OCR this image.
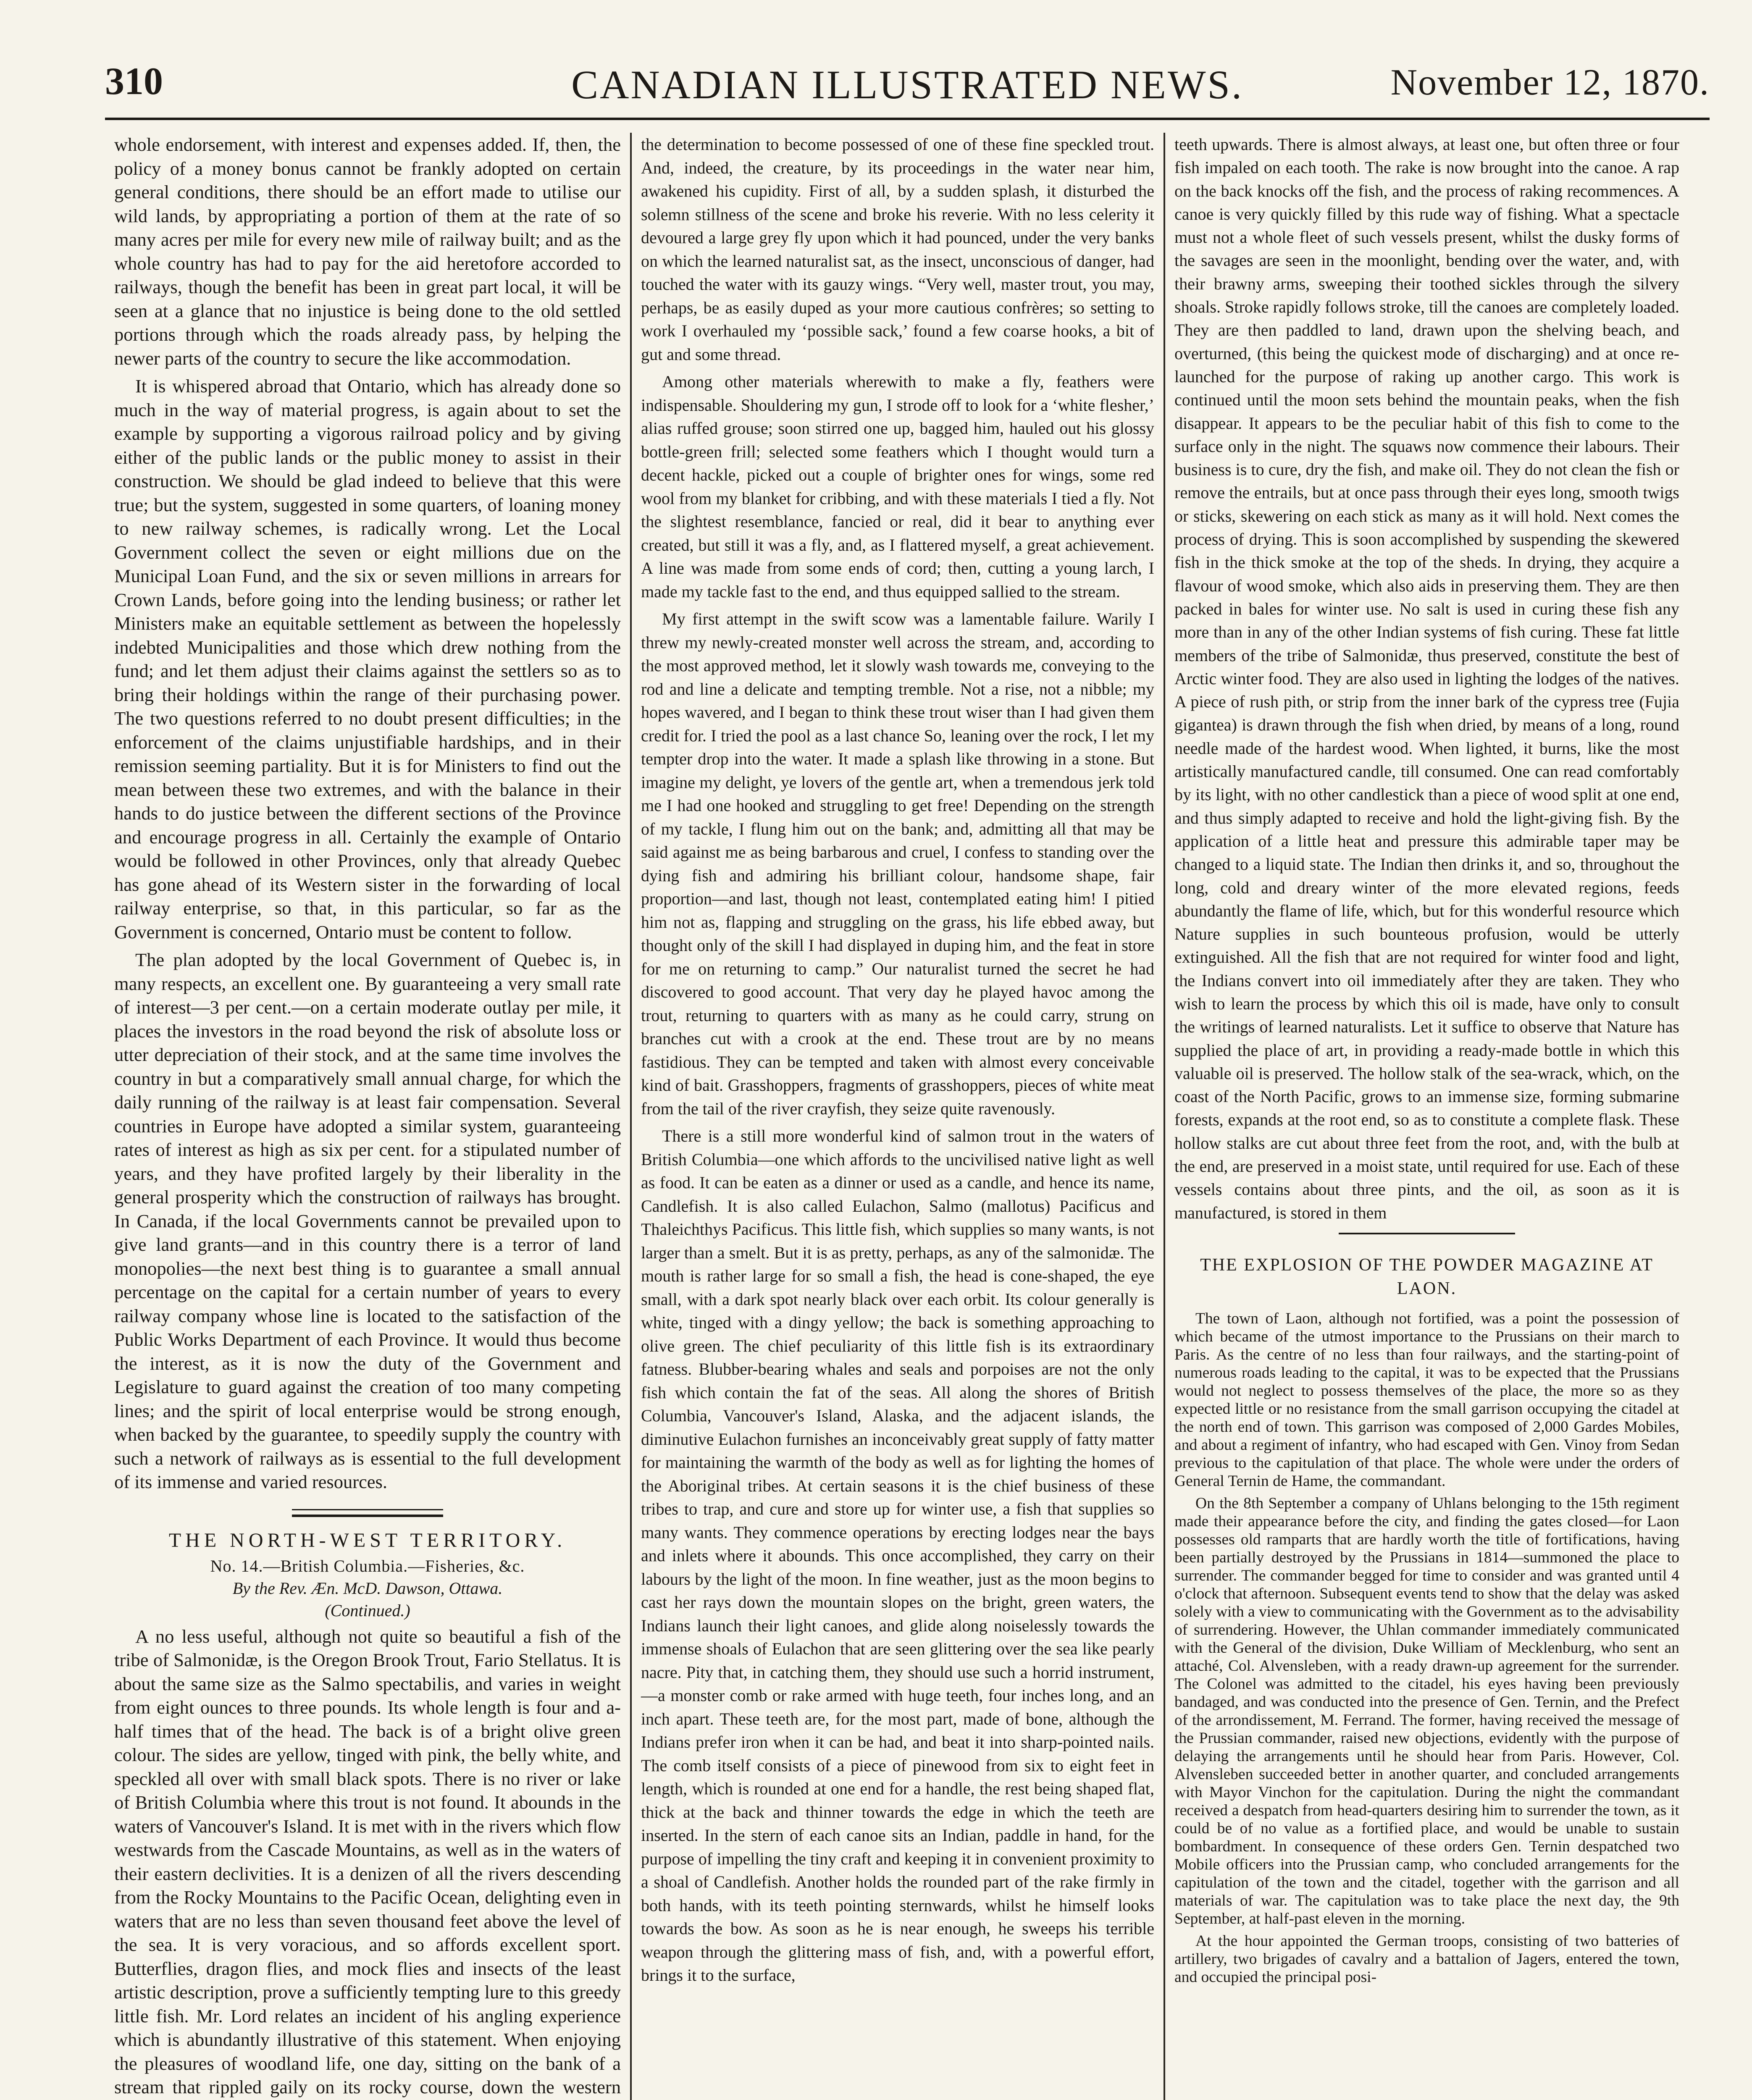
310	CANADIAN ILLUSTRATED NEWS.	November 12, 1870.

whole endorsement, with interest and expenses added. If, then, the policy of a money bonus cannot be frankly adopted on certain general conditions, there should be an effort made to utilise our wild lands, by appropriating a portion of them at the rate of so many acres per mile for every new mile of railway built; and as the whole country has had to pay for the aid heretofore accorded to railways, though the benefit has been in great part local, it will be seen at a glance that no injustice is being done to the old settled portions through which the roads already pass, by helping the newer parts of the country to secure the like accommodation.

It is whispered abroad that Ontario, which has already done so much in the way of material progress, is again about to set the example by supporting a vigorous railroad policy and by giving either of the public lands or the public money to assist in their construction. We should be glad indeed to believe that this were true; but the system, suggested in some quarters, of loaning money to new railway schemes, is radically wrong. Let the Local Government collect the seven or eight millions due on the Municipal Loan Fund, and the six or seven millions in arrears for Crown Lands, before going into the lending business; or rather let Ministers make an equitable settlement as between the hopelessly indebted Municipalities and those which drew nothing from the fund; and let them adjust their claims against the settlers so as to bring their holdings within the range of their purchasing power. The two questions referred to no doubt present difficulties; in the enforcement of the claims unjustifiable hardships, and in their remission seeming partiality. But it is for Ministers to find out the mean between these two extremes, and with the balance in their hands to do justice between the different sections of the Province and encourage progress in all. Certainly the example of Ontario would be followed in other Provinces, only that already Quebec has gone ahead of its Western sister in the forwarding of local railway enterprise, so that, in this particular, so far as the Government is concerned, Ontario must be content to follow.

The plan adopted by the local Government of Quebec is, in many respects, an excellent one. By guaranteeing a very small rate of interest—3 per cent.—on a certain moderate outlay per mile, it places the investors in the road beyond the risk of absolute loss or utter depreciation of their stock, and at the same time involves the country in but a comparatively small annual charge, for which the daily running of the railway is at least fair compensation. Several countries in Europe have adopted a similar system, guaranteeing rates of interest as high as six per cent. for a stipulated number of years, and they have profited largely by their liberality in the general prosperity which the construction of railways has brought. In Canada, if the local Governments cannot be prevailed upon to give land grants—and in this country there is a terror of land monopolies—the next best thing is to guarantee a small annual percentage on the capital for a certain number of years to every railway company whose line is located to the satisfaction of the Public Works Department of each Province. It would thus become the interest, as it is now the duty of the Government and Legislature to guard against the creation of too many competing lines; and the spirit of local enterprise would be strong enough, when backed by the guarantee, to speedily supply the country with such a network of railways as is essential to the full development of its immense and varied resources.

THE NORTH-WEST TERRITORY.
No. 14.—British Columbia.—Fisheries, &c.
By the Rev. Æn. McD. Dawson, Ottawa.
(Continued.)

A no less useful, although not quite so beautiful a fish of the tribe of Salmonidæ, is the Oregon Brook Trout, Fario Stellatus. It is about the same size as the Salmo spectabilis, and varies in weight from eight ounces to three pounds. Its whole length is four and a-half times that of the head. The back is of a bright olive green colour. The sides are yellow, tinged with pink, the belly white, and speckled all over with small black spots. There is no river or lake of British Columbia where this trout is not found. It abounds in the waters of Vancouver's Island. It is met with in the rivers which flow westwards from the Cascade Mountains, as well as in the waters of their eastern declivities. It is a denizen of all the rivers descending from the Rocky Mountains to the Pacific Ocean, delighting even in waters that are no less than seven thousand feet above the level of the sea. It is very voracious, and so affords excellent sport. Butterflies, dragon flies, and mock flies and insects of the least artistic description, prove a sufficiently tempting lure to this greedy little fish. Mr. Lord relates an incident of his angling experience which is abundantly illustrative of this statement. When enjoying the pleasures of woodland life, one day, sitting on the bank of a stream that rippled gaily on its rocky course, down the western

the determination to become possessed of one of these fine speckled trout. And, indeed, the creature, by its proceedings in the water near him, awakened his cupidity. First of all, by a sudden splash, it disturbed the solemn stillness of the scene and broke his reverie. With no less celerity it devoured a large grey fly upon which it had pounced, under the very banks on which the learned naturalist sat, as the insect, unconscious of danger, had touched the water with its gauzy wings. “Very well, master trout, you may, perhaps, be as easily duped as your more cautious confrères; so setting to work I overhauled my ‘possible sack,’ found a few coarse hooks, a bit of gut and some thread.

Among other materials wherewith to make a fly, feathers were indispensable. Shouldering my gun, I strode off to look for a ‘white flesher,’ alias ruffed grouse; soon stirred one up, bagged him, hauled out his glossy bottle-green frill; selected some feathers which I thought would turn a decent hackle, picked out a couple of brighter ones for wings, some red wool from my blanket for cribbing, and with these materials I tied a fly. Not the slightest resemblance, fancied or real, did it bear to anything ever created, but still it was a fly, and, as I flattered myself, a great achievement. A line was made from some ends of cord; then, cutting a young larch, I made my tackle fast to the end, and thus equipped sallied to the stream.

My first attempt in the swift scow was a lamentable failure. Warily I threw my newly-created monster well across the stream, and, according to the most approved method, let it slowly wash towards me, conveying to the rod and line a delicate and tempting tremble. Not a rise, not a nibble; my hopes wavered, and I began to think these trout wiser than I had given them credit for. I tried the pool as a last chance So, leaning over the rock, I let my tempter drop into the water. It made a splash like throwing in a stone. But imagine my delight, ye lovers of the gentle art, when a tremendous jerk told me I had one hooked and struggling to get free! Depending on the strength of my tackle, I flung him out on the bank; and, admitting all that may be said against me as being barbarous and cruel, I confess to standing over the dying fish and admiring his brilliant colour, handsome shape, fair proportion—and last, though not least, contemplated eating him! I pitied him not as, flapping and struggling on the grass, his life ebbed away, but thought only of the skill I had displayed in duping him, and the feat in store for me on returning to camp.” Our naturalist turned the secret he had discovered to good account. That very day he played havoc among the trout, returning to quarters with as many as he could carry, strung on branches cut with a crook at the end. These trout are by no means fastidious. They can be tempted and taken with almost every conceivable kind of bait. Grasshoppers, fragments of grasshoppers, pieces of white meat from the tail of the river crayfish, they seize quite ravenously.

There is a still more wonderful kind of salmon trout in the waters of British Columbia—one which affords to the uncivilised native light as well as food. It can be eaten as a dinner or used as a candle, and hence its name, Candlefish. It is also called Eulachon, Salmo (mallotus) Pacificus and Thaleichthys Pacificus. This little fish, which supplies so many wants, is not larger than a smelt. But it is as pretty, perhaps, as any of the salmonidæ. The mouth is rather large for so small a fish, the head is cone-shaped, the eye small, with a dark spot nearly black over each orbit. Its colour generally is white, tinged with a dingy yellow; the back is something approaching to olive green. The chief peculiarity of this little fish is its extraordinary fatness. Blubber-bearing whales and seals and porpoises are not the only fish which contain the fat of the seas. All along the shores of British Columbia, Vancouver's Island, Alaska, and the adjacent islands, the diminutive Eulachon furnishes an inconceivably great supply of fatty matter for maintaining the warmth of the body as well as for lighting the homes of the Aboriginal tribes. At certain seasons it is the chief business of these tribes to trap, and cure and store up for winter use, a fish that supplies so many wants. They commence operations by erecting lodges near the bays and inlets where it abounds. This once accomplished, they carry on their labours by the light of the moon. In fine weather, just as the moon begins to cast her rays down the mountain slopes on the bright, green waters, the Indians launch their light canoes, and glide along noiselessly towards the immense shoals of Eulachon that are seen glittering over the sea like pearly nacre. Pity that, in catching them, they should use such a horrid instrument,—a monster comb or rake armed with huge teeth, four inches long, and an inch apart. These teeth are, for the most part, made of bone, although the Indians prefer iron when it can be had, and beat it into sharp-pointed nails. The comb itself consists of a piece of pinewood from six to eight feet in length, which is rounded at one end for a handle, the rest being shaped flat, thick at the back and thinner towards the edge in which the teeth are inserted. In the stern of each canoe sits an Indian, paddle in hand, for the purpose of impelling the tiny craft and keeping it in convenient proximity to a shoal of Candlefish. Another holds the rounded part of the rake firmly in both hands, with its teeth pointing sternwards, whilst he himself looks towards the bow. As soon as he is near enough, he sweeps his terrible weapon through the glittering mass of fish, and, with a powerful effort, brings it to the surface,

teeth upwards. There is almost always, at least one, but often three or four fish impaled on each tooth. The rake is now brought into the canoe. A rap on the back knocks off the fish, and the process of raking recommences. A canoe is very quickly filled by this rude way of fishing. What a spectacle must not a whole fleet of such vessels present, whilst the dusky forms of the savages are seen in the moonlight, bending over the water, and, with their brawny arms, sweeping their toothed sickles through the silvery shoals. Stroke rapidly follows stroke, till the canoes are completely loaded. They are then paddled to land, drawn upon the shelving beach, and overturned, (this being the quickest mode of discharging) and at once re-launched for the purpose of raking up another cargo. This work is continued until the moon sets behind the mountain peaks, when the fish disappear. It appears to be the peculiar habit of this fish to come to the surface only in the night. The squaws now commence their labours. Their business is to cure, dry the fish, and make oil. They do not clean the fish or remove the entrails, but at once pass through their eyes long, smooth twigs or sticks, skewering on each stick as many as it will hold. Next comes the process of drying. This is soon accomplished by suspending the skewered fish in the thick smoke at the top of the sheds. In drying, they acquire a flavour of wood smoke, which also aids in preserving them. They are then packed in bales for winter use. No salt is used in curing these fish any more than in any of the other Indian systems of fish curing. These fat little members of the tribe of Salmonidæ, thus preserved, constitute the best of Arctic winter food. They are also used in lighting the lodges of the natives. A piece of rush pith, or strip from the inner bark of the cypress tree (Fujia gigantea) is drawn through the fish when dried, by means of a long, round needle made of the hardest wood. When lighted, it burns, like the most artistically manufactured candle, till consumed. One can read comfortably by its light, with no other candlestick than a piece of wood split at one end, and thus simply adapted to receive and hold the light-giving fish. By the application of a little heat and pressure this admirable taper may be changed to a liquid state. The Indian then drinks it, and so, throughout the long, cold and dreary winter of the more elevated regions, feeds abundantly the flame of life, which, but for this wonderful resource which Nature supplies in such bounteous profusion, would be utterly extinguished. All the fish that are not required for winter food and light, the Indians convert into oil immediately after they are taken. They who wish to learn the process by which this oil is made, have only to consult the writings of learned naturalists. Let it suffice to observe that Nature has supplied the place of art, in providing a ready-made bottle in which this valuable oil is preserved. The hollow stalk of the sea-wrack, which, on the coast of the North Pacific, grows to an immense size, forming submarine forests, expands at the root end, so as to constitute a complete flask. These hollow stalks are cut about three feet from the root, and, with the bulb at the end, are preserved in a moist state, until required for use. Each of these vessels contains about three pints, and the oil, as soon as it is manufactured, is stored in them

THE EXPLOSION OF THE POWDER MAGAZINE AT LAON.

The town of Laon, although not fortified, was a point the possession of which became of the utmost importance to the Prussians on their march to Paris. As the centre of no less than four railways, and the starting-point of numerous roads leading to the capital, it was to be expected that the Prussians would not neglect to possess themselves of the place, the more so as they expected little or no resistance from the small garrison occupying the citadel at the north end of town. This garrison was composed of 2,000 Gardes Mobiles, and about a regiment of infantry, who had escaped with Gen. Vinoy from Sedan previous to the capitulation of that place. The whole were under the orders of General Ternin de Hame, the commandant.

On the 8th September a company of Uhlans belonging to the 15th regiment made their appearance before the city, and finding the gates closed—for Laon possesses old ramparts that are hardly worth the title of fortifications, having been partially destroyed by the Prussians in 1814—summoned the place to surrender. The commander begged for time to consider and was granted until 4 o'clock that afternoon. Subsequent events tend to show that the delay was asked solely with a view to communicating with the Government as to the advisability of surrendering. However, the Uhlan commander immediately communicated with the General of the division, Duke William of Mecklenburg, who sent an attaché, Col. Alvensleben, with a ready drawn-up agreement for the surrender. The Colonel was admitted to the citadel, his eyes having been previously bandaged, and was conducted into the presence of Gen. Ternin, and the Prefect of the arrondissement, M. Ferrand. The former, having received the message of the Prussian commander, raised new objections, evidently with the purpose of delaying the arrangements until he should hear from Paris. However, Col. Alvensleben succeeded better in another quarter, and concluded arrangements with Mayor Vinchon for the capitulation. During the night the commandant received a despatch from head-quarters desiring him to surrender the town, as it could be of no value as a fortified place, and would be unable to sustain bombardment. In consequence of these orders Gen. Ternin despatched two Mobile officers into the Prussian camp, who concluded arrangements for the capitulation of the town and the citadel, together with the garrison and all materials of war. The capitulation was to take place the next day, the 9th September, at half-past eleven in the morning.

At the hour appointed the German troops, consisting of two batteries of artillery, two brigades of cavalry and a battalion of Jagers, entered the town, and occupied the principal posi-
